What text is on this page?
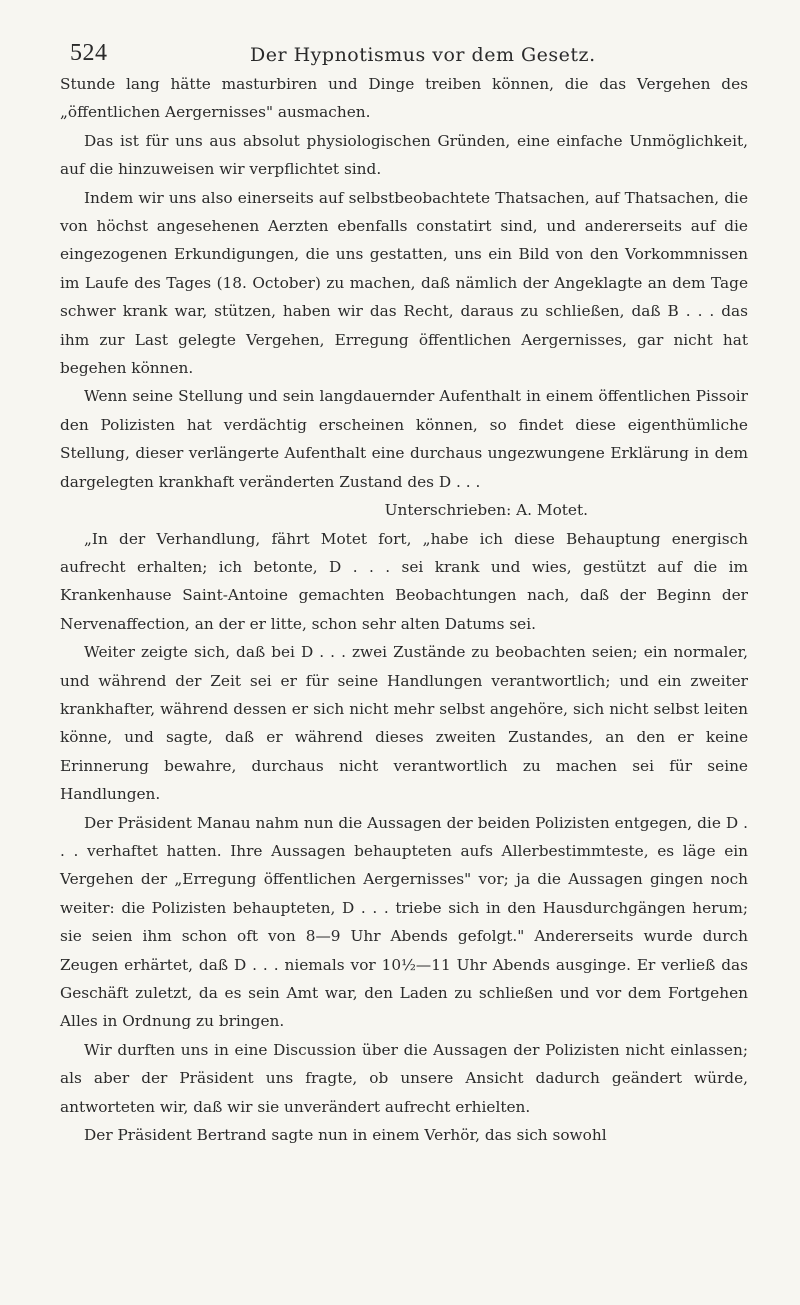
524	Der Hypnotismus vor dem Gesetz.

Stunde lang hätte masturbiren und Dinge treiben können, die das Vergehen des „öffentlichen Aergernisses" ausmachen.

Das ist für uns aus absolut physiologischen Gründen, eine einfache Unmöglichkeit, auf die hinzuweisen wir verpflichtet sind.

Indem wir uns also einerseits auf selbstbeobachtete Thatsachen, auf Thatsachen, die von höchst angesehenen Aerzten ebenfalls constatirt sind, und andererseits auf die eingezogenen Erkundigungen, die uns gestatten, uns ein Bild von den Vorkommnissen im Laufe des Tages (18. October) zu machen, daß nämlich der Angeklagte an dem Tage schwer krank war, stützen, haben wir das Recht, daraus zu schließen, daß B . . . das ihm zur Last gelegte Vergehen, Erregung öffentlichen Aergernisses, gar nicht hat begehen können.

Wenn seine Stellung und sein langdauernder Aufenthalt in einem öffentlichen Pissoir den Polizisten hat verdächtig erscheinen können, so findet diese eigenthümliche Stellung, dieser verlängerte Aufenthalt eine durchaus ungezwungene Erklärung in dem dargelegten krankhaft veränderten Zustand des D . . .

Unterschrieben: A. Motet.

„In der Verhandlung, fährt Motet fort, „habe ich diese Behauptung energisch aufrecht erhalten; ich betonte, D . . . sei krank und wies, gestützt auf die im Krankenhause Saint-Antoine gemachten Beobachtungen nach, daß der Beginn der Nervenaffection, an der er litte, schon sehr alten Datums sei.

Weiter zeigte sich, daß bei D . . . zwei Zustände zu beobachten seien; ein normaler, und während der Zeit sei er für seine Handlungen verantwortlich; und ein zweiter krankhafter, während dessen er sich nicht mehr selbst angehöre, sich nicht selbst leiten könne, und sagte, daß er während dieses zweiten Zustandes, an den er keine Erinnerung bewahre, durchaus nicht verantwortlich zu machen sei für seine Handlungen.

Der Präsident Manau nahm nun die Aussagen der beiden Polizisten entgegen, die D . . . verhaftet hatten. Ihre Aussagen behaupteten aufs Allerbestimmteste, es läge ein Vergehen der „Erregung öffentlichen Aergernisses" vor; ja die Aussagen gingen noch weiter: die Polizisten behaupteten, D . . . triebe sich in den Hausdurchgängen herum; sie seien ihm schon oft von 8—9 Uhr Abends gefolgt." Andererseits wurde durch Zeugen erhärtet, daß D . . . niemals vor 10½—11 Uhr Abends ausginge. Er verließ das Geschäft zuletzt, da es sein Amt war, den Laden zu schließen und vor dem Fortgehen Alles in Ordnung zu bringen.

Wir durften uns in eine Discussion über die Aussagen der Polizisten nicht einlassen; als aber der Präsident uns fragte, ob unsere Ansicht dadurch geändert würde, antworteten wir, daß wir sie unverändert aufrecht erhielten.

Der Präsident Bertrand sagte nun in einem Verhör, das sich sowohl
